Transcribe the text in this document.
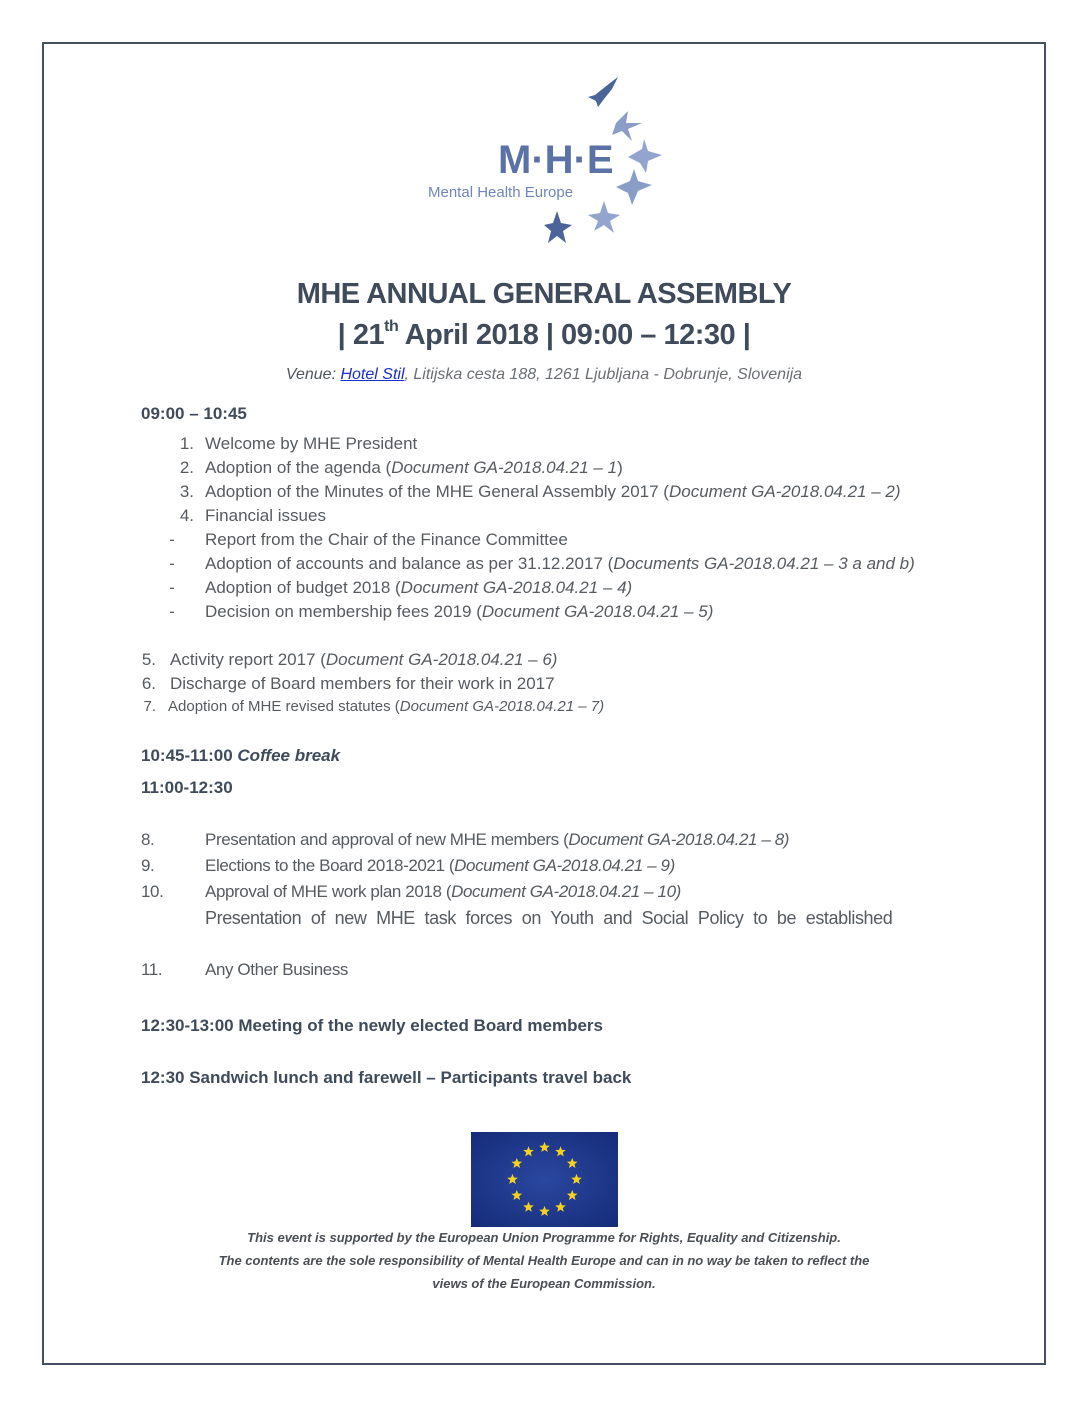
M·H·E
Mental Health Europe
MHE ANNUAL GENERAL ASSEMBLY
| 21th April 2018 | 09:00 – 12:30 |
Venue: Hotel Stil, Litijska cesta 188, 1261 Ljubljana - Dobrunje, Slovenija
09:00 – 10:45
1. Welcome by MHE President
2. Adoption of the agenda (Document GA-2018.04.21 – 1)
3. Adoption of the Minutes of the MHE General Assembly 2017 (Document GA-2018.04.21 – 2)
4. Financial issues
-	Report from the Chair of the Finance Committee
-	Adoption of accounts and balance as per 31.12.2017 (Documents GA-2018.04.21 – 3 a and b)
-	Adoption of budget 2018 (Document GA-2018.04.21 – 4)
-	Decision on membership fees 2019 (Document GA-2018.04.21 – 5)
5. Activity report 2017 (Document GA-2018.04.21 – 6)
6. Discharge of Board members for their work in 2017
7. Adoption of MHE revised statutes (Document GA-2018.04.21 – 7)
8.	Presentation and approval of new MHE members (Document GA-2018.04.21 – 8)
9.	Elections to the Board 2018-2021 (Document GA-2018.04.21 – 9)
10.	Approval of MHE work plan 2018 (Document GA-2018.04.21 – 10)
Presentation of new MHE task forces on Youth and Social Policy to be established
11.	Any Other Business
10:45-11:00 Coffee break
11:00-12:30
12:30-13:00 Meeting of the newly elected Board members
12:30 Sandwich lunch and farewell – Participants travel back
This event is supported by the European Union Programme for Rights, Equality and Citizenship.
The contents are the sole responsibility of Mental Health Europe and can in no way be taken to reflect the
views of the European Commission.
